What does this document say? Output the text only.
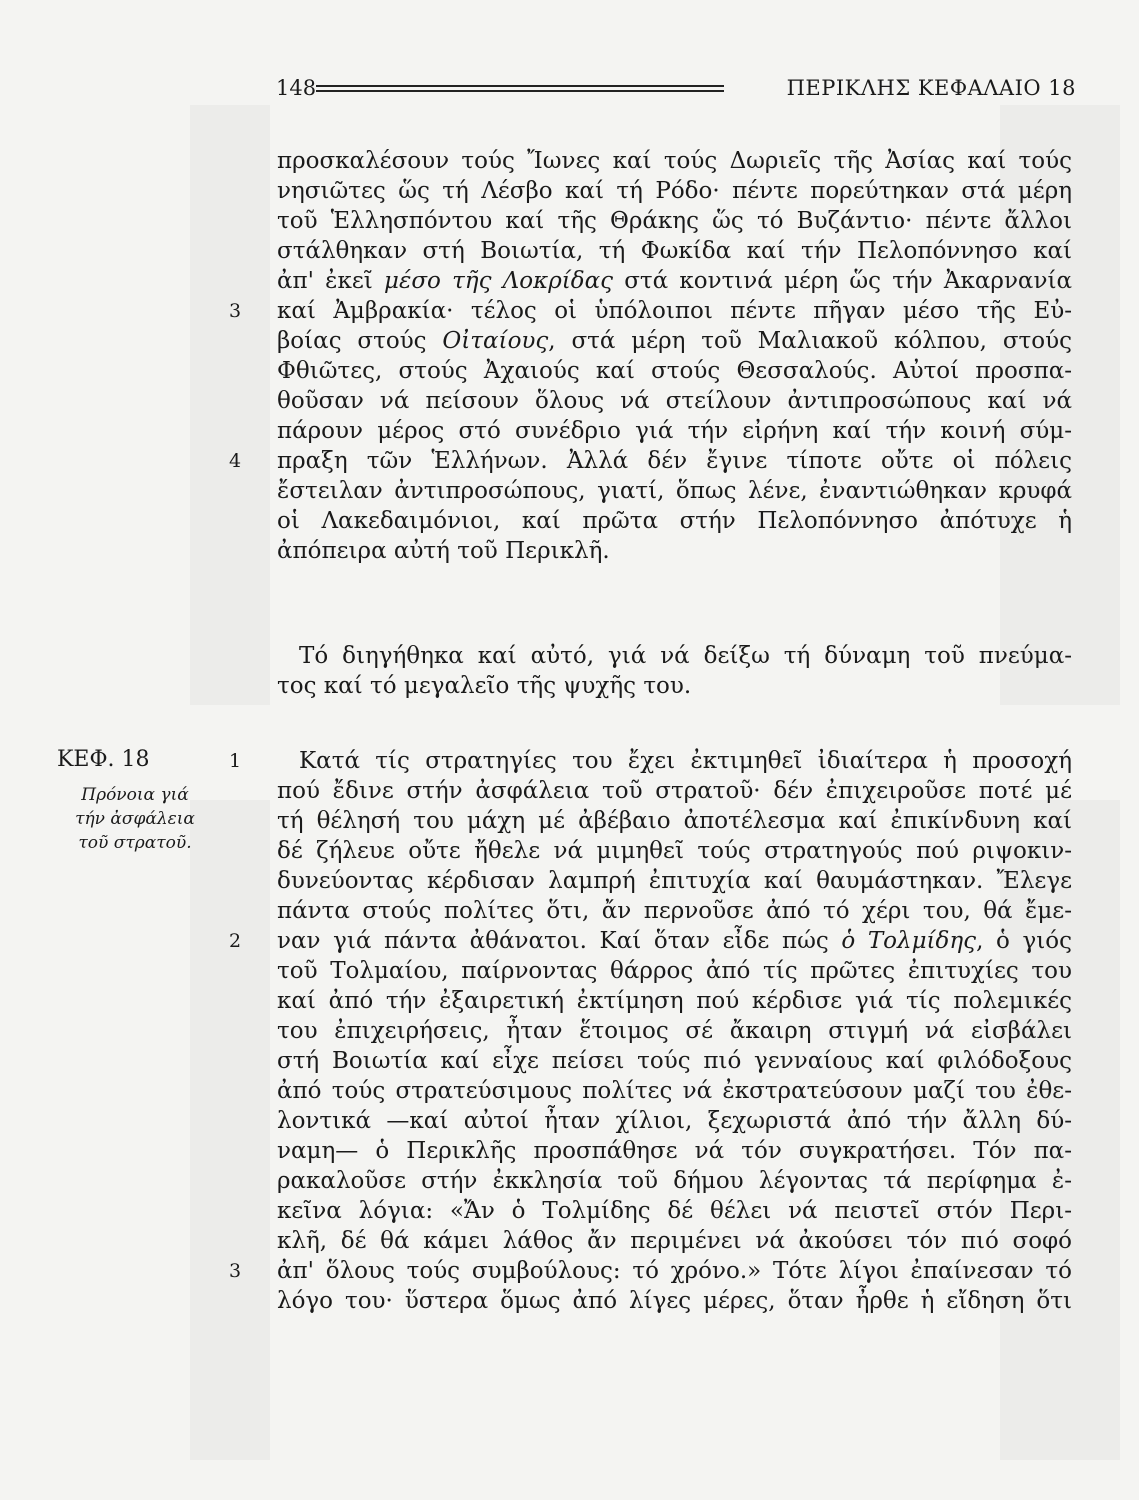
148	ΠΕΡΙΚΛΗΣ ΚΕΦΑΛΑΙΟ 18
ΚΕΦ. 18
Πρόνοια γιά
τήν ἀσφάλεια
τοῦ στρατοῦ.
3
4
1
2
3
προσκαλέσουν τούς Ἴωνες καί τούς Δωριεῖς τῆς Ἀσίας καί τούς
νησιῶτες ὥς τή Λέσβο καί τή Ρόδο· πέντε πορεύτηκαν στά μέρη
τοῦ Ἑλλησπόντου καί τῆς Θράκης ὥς τό Βυζάντιο· πέντε ἄλλοι
στάλθηκαν στή Βοιωτία, τή Φωκίδα καί τήν Πελοπόννησο καί
ἀπ' ἐκεῖ μέσο τῆς Λοκρίδας στά κοντινά μέρη ὥς τήν Ἀκαρνανία
καί Ἀμβρακία· τέλος οἱ ὑπόλοιποι πέντε πῆγαν μέσο τῆς Εὐ-
βοίας στούς Οἰταίους, στά μέρη τοῦ Μαλιακοῦ κόλπου, στούς
Φθιῶτες, στούς Ἀχαιούς καί στούς Θεσσαλούς. Αὐτοί προσπα-
θοῦσαν νά πείσουν ὅλους νά στείλουν ἀντιπροσώπους καί νά
πάρουν μέρος στό συνέδριο γιά τήν εἰρήνη καί τήν κοινή σύμ-
πραξη τῶν Ἑλλήνων. Ἀλλά δέν ἔγινε τίποτε οὔτε οἱ πόλεις
ἔστειλαν ἀντιπροσώπους, γιατί, ὅπως λένε, ἐναντιώθηκαν κρυφά
οἱ Λακεδαιμόνιοι, καί πρῶτα στήν Πελοπόννησο ἀπότυχε ἡ
ἀπόπειρα αὐτή τοῦ Περικλῆ.
Τό διηγήθηκα καί αὐτό, γιά νά δείξω τή δύναμη τοῦ πνεύμα-
τος καί τό μεγαλεῖο τῆς ψυχῆς του.
Κατά τίς στρατηγίες του ἔχει ἐκτιμηθεῖ ἰδιαίτερα ἡ προσοχή
πού ἔδινε στήν ἀσφάλεια τοῦ στρατοῦ· δέν ἐπιχειροῦσε ποτέ μέ
τή θέλησή του μάχη μέ ἀβέβαιο ἀποτέλεσμα καί ἐπικίνδυνη καί
δέ ζήλευε οὔτε ἤθελε νά μιμηθεῖ τούς στρατηγούς πού ριψοκιν-
δυνεύοντας κέρδισαν λαμπρή ἐπιτυχία καί θαυμάστηκαν. Ἔλεγε
πάντα στούς πολίτες ὅτι, ἄν περνοῦσε ἀπό τό χέρι του, θά ἔμε-
ναν γιά πάντα ἀθάνατοι. Καί ὅταν εἶδε πώς ὁ Τολμίδης, ὁ γιός
τοῦ Τολμαίου, παίρνοντας θάρρος ἀπό τίς πρῶτες ἐπιτυχίες του
καί ἀπό τήν ἐξαιρετική ἐκτίμηση πού κέρδισε γιά τίς πολεμικές
του ἐπιχειρήσεις, ἦταν ἕτοιμος σέ ἄκαιρη στιγμή νά εἰσβάλει
στή Βοιωτία καί εἶχε πείσει τούς πιό γενναίους καί φιλόδοξους
ἀπό τούς στρατεύσιμους πολίτες νά ἐκστρατεύσουν μαζί του ἐθε-
λοντικά —καί αὐτοί ἦταν χίλιοι, ξεχωριστά ἀπό τήν ἄλλη δύ-
ναμη— ὁ Περικλῆς προσπάθησε νά τόν συγκρατήσει. Τόν πα-
ρακαλοῦσε στήν ἐκκλησία τοῦ δήμου λέγοντας τά περίφημα ἐ-
κεῖνα λόγια: «Ἄν ὁ Τολμίδης δέ θέλει νά πειστεῖ στόν Περι-
κλῆ, δέ θά κάμει λάθος ἄν περιμένει νά ἀκούσει τόν πιό σοφό
ἀπ' ὅλους τούς συμβούλους: τό χρόνο.» Τότε λίγοι ἐπαίνεσαν τό
λόγο του· ὕστερα ὅμως ἀπό λίγες μέρες, ὅταν ἦρθε ἡ εἴδηση ὅτι
